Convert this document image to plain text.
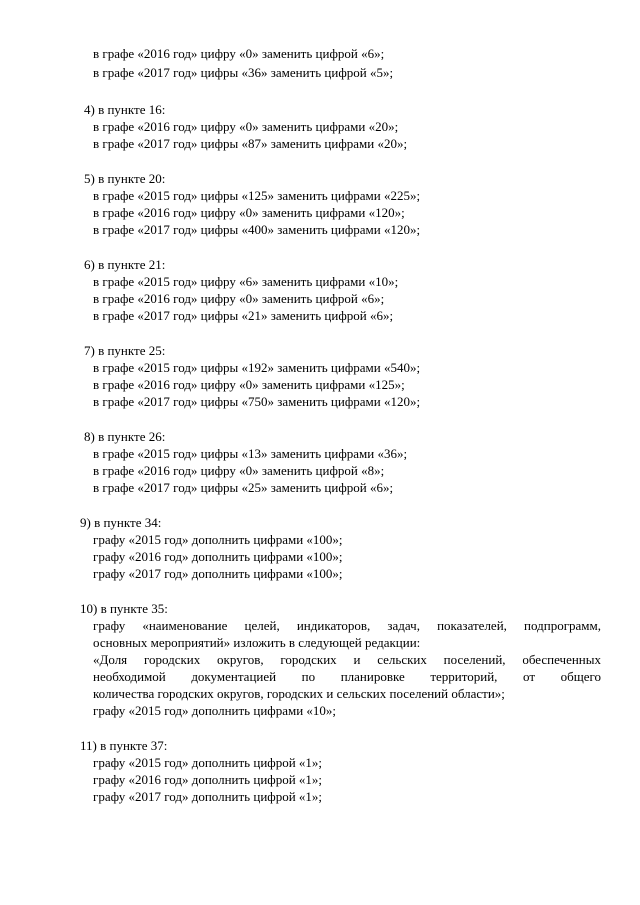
в графе «2016 год» цифру «0» заменить цифрой «6»;
в графе «2017 год» цифры «36» заменить цифрой «5»;
4) в пункте 16:
в графе «2016 год» цифру «0» заменить цифрами «20»;
в графе «2017 год» цифры «87» заменить цифрами «20»;
5) в пункте 20:
в графе «2015 год» цифры «125» заменить цифрами «225»;
в графе «2016 год» цифру «0» заменить цифрами «120»;
в графе «2017 год» цифры «400» заменить цифрами «120»;
6) в пункте 21:
в графе «2015 год» цифру «6» заменить цифрами «10»;
в графе «2016 год» цифру «0» заменить цифрой «6»;
в графе «2017 год» цифры «21» заменить цифрой «6»;
7) в пункте 25:
в графе «2015 год» цифры «192» заменить цифрами «540»;
в графе «2016 год» цифру «0» заменить цифрами «125»;
в графе «2017 год» цифры «750» заменить цифрами «120»;
8) в пункте 26:
в графе «2015 год» цифры «13» заменить цифрами «36»;
в графе «2016 год» цифру «0» заменить цифрой «8»;
в графе «2017 год» цифры «25» заменить цифрой «6»;
9) в пункте 34:
графу «2015 год» дополнить цифрами «100»;
графу «2016 год» дополнить цифрами «100»;
графу «2017 год» дополнить цифрами «100»;
10) в пункте 35:
графу «наименование целей, индикаторов, задач, показателей, подпрограмм,
основных мероприятий» изложить в следующей редакции:
«Доля городских округов, городских и сельских поселений, обеспеченных
необходимой документацией по планировке территорий, от общего
количества городских округов, городских и сельских поселений области»;
графу «2015 год» дополнить цифрами «10»;
11) в пункте 37:
графу «2015 год» дополнить цифрой «1»;
графу «2016 год» дополнить цифрой «1»;
графу «2017 год» дополнить цифрой «1»;
